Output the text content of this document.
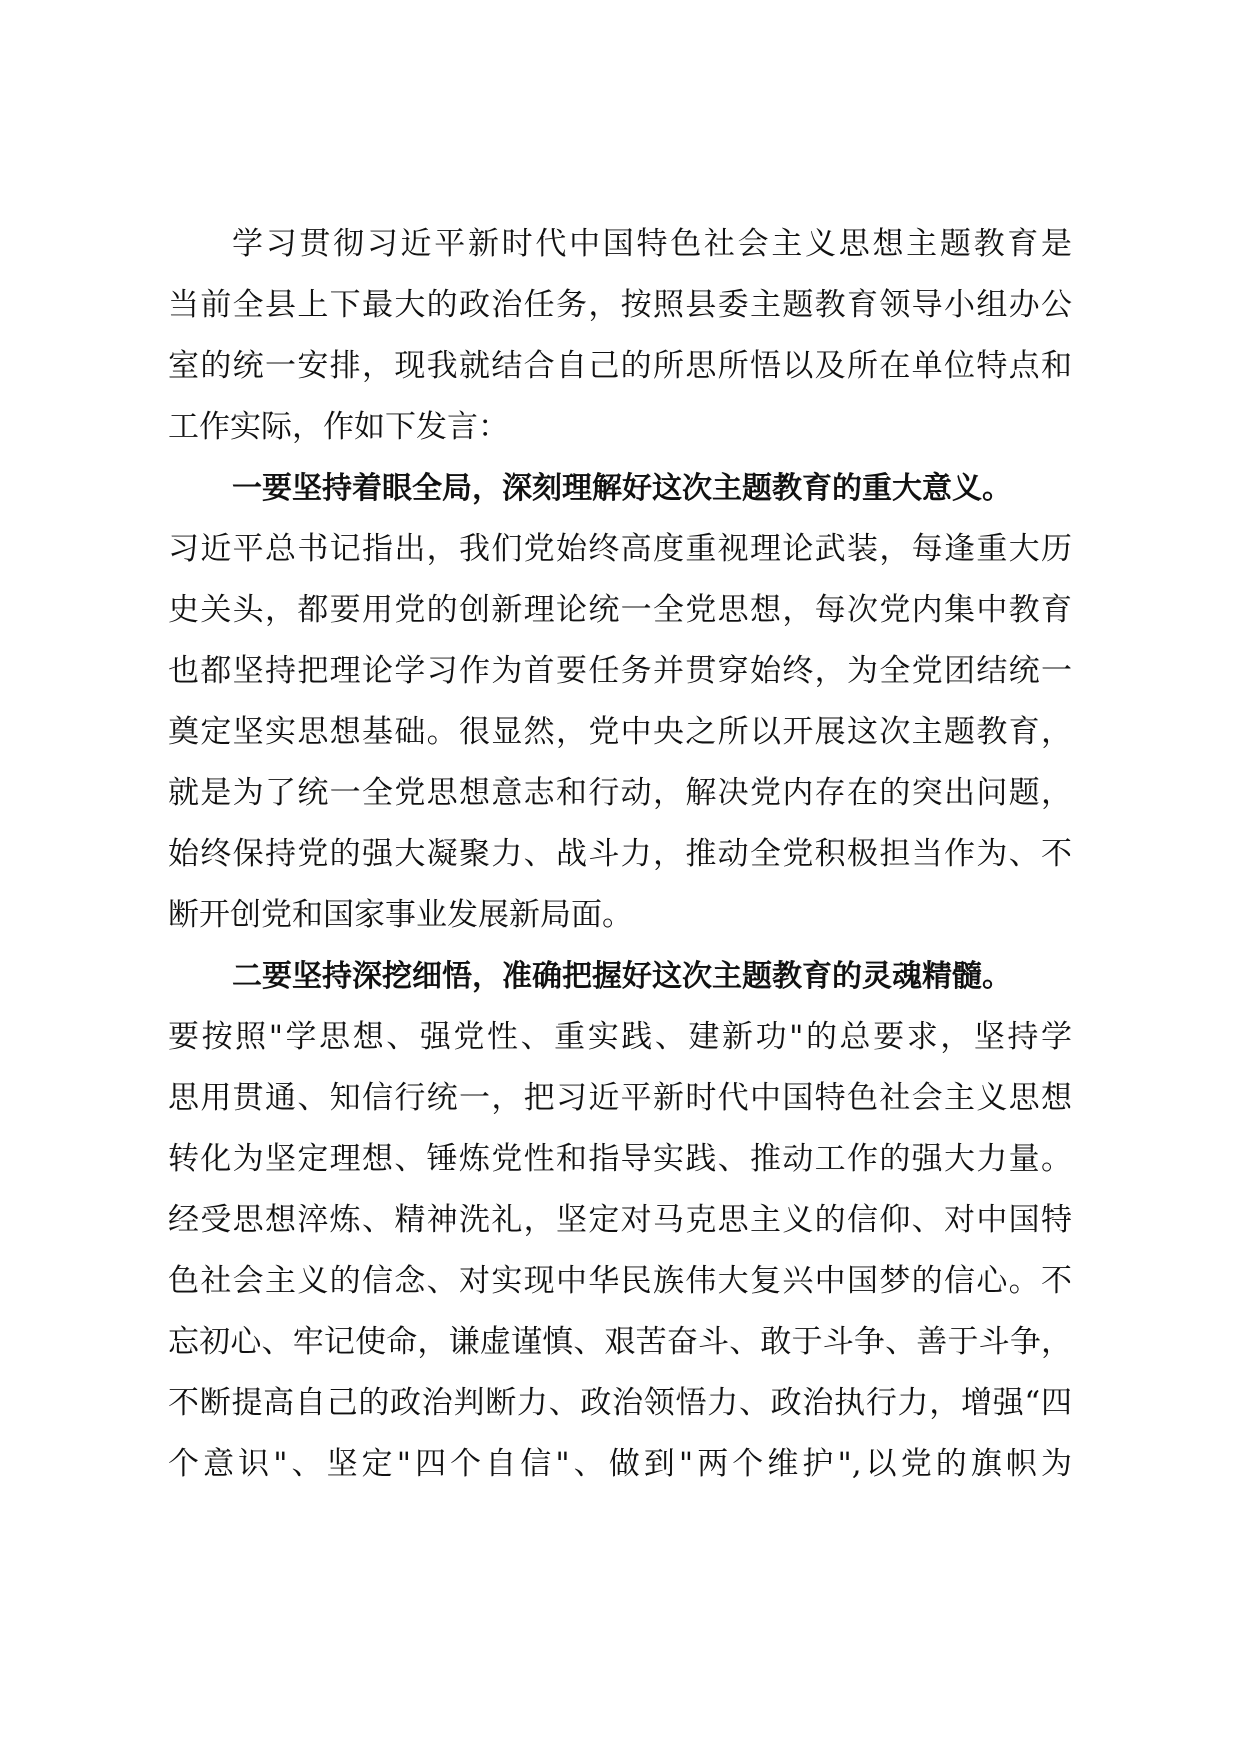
学习贯彻习近平新时代中国特色社会主义思想主题教育是
当前全县上下最大的政治任务，按照县委主题教育领导小组办公
室的统一安排，现我就结合自己的所思所悟以及所在单位特点和
工作实际，作如下发言：
一要坚持着眼全局，深刻理解好这次主题教育的重大意义。
习近平总书记指出，我们党始终高度重视理论武装，每逢重大历
史关头，都要用党的创新理论统一全党思想，每次党内集中教育
也都坚持把理论学习作为首要任务并贯穿始终，为全党团结统一
奠定坚实思想基础。很显然，党中央之所以开展这次主题教育，
就是为了统一全党思想意志和行动，解决党内存在的突出问题，
始终保持党的强大凝聚力、战斗力，推动全党积极担当作为、不
断开创党和国家事业发展新局面。
二要坚持深挖细悟，准确把握好这次主题教育的灵魂精髓。
要按照"学思想、强党性、重实践、建新功"的总要求，坚持学
思用贯通、知信行统一，把习近平新时代中国特色社会主义思想
转化为坚定理想、锤炼党性和指导实践、推动工作的强大力量。
经受思想淬炼、精神洗礼，坚定对马克思主义的信仰、对中国特
色社会主义的信念、对实现中华民族伟大复兴中国梦的信心。不
忘初心、牢记使命，谦虚谨慎、艰苦奋斗、敢于斗争、善于斗争，
不断提高自己的政治判断力、政治领悟力、政治执行力，增强“四
个意识"、坚定"四个自信"、做到"两个维护",以党的旗帜为
